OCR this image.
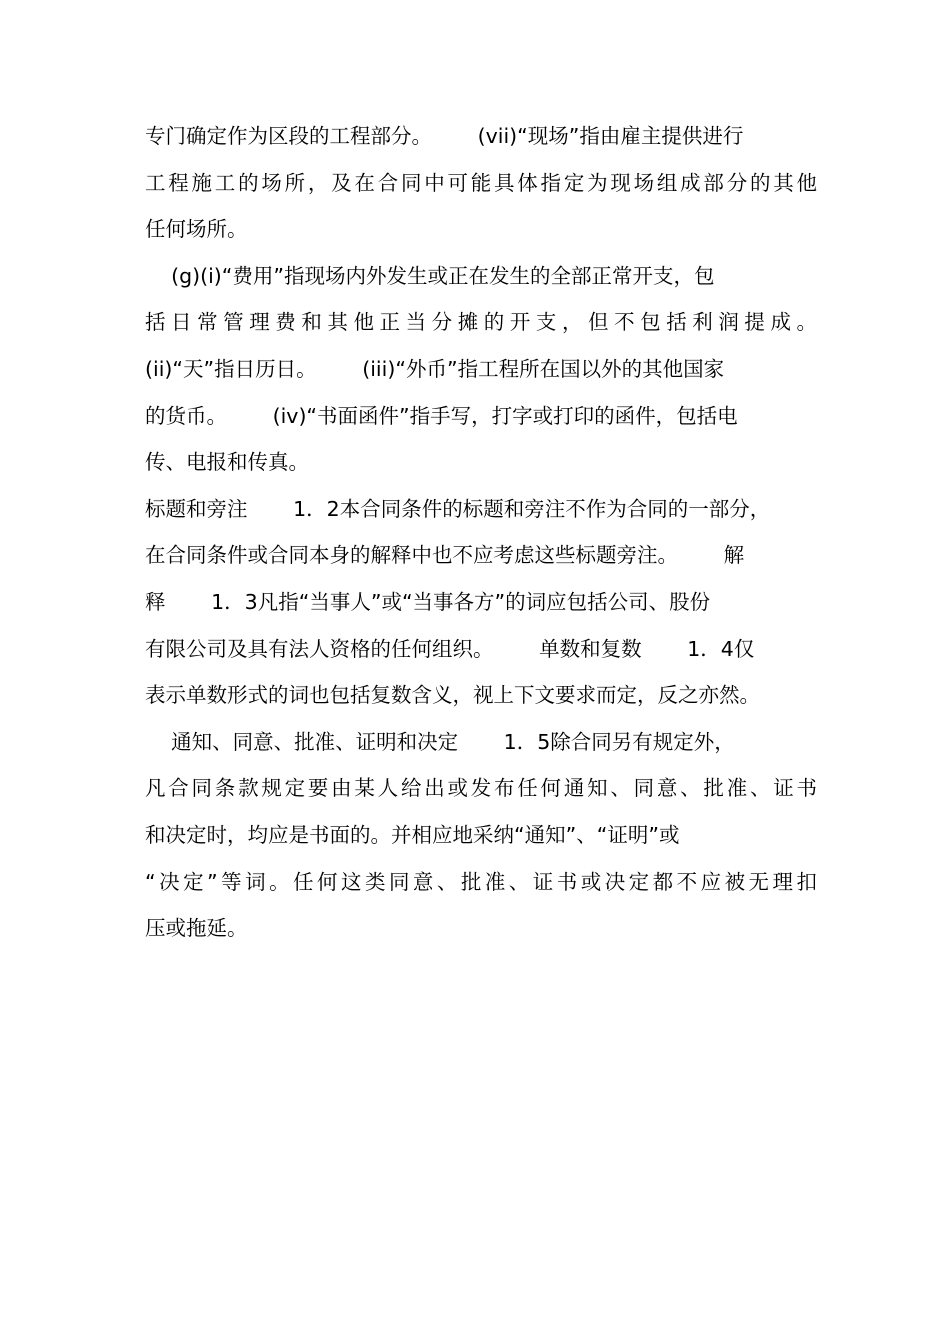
专门确定作为区段的工程部分。       (vii)“现场”指由雇主提供进行
工程施工的场所，及在合同中可能具体指定为现场组成部分的其他
任何场所。
(g)(i)“费用”指现场内外发生或正在发生的全部正常开支，包
括日常管理费和其他正当分摊的开支，但不包括利润提成。
(ii)“天”指日历日。       (iii)“外币”指工程所在国以外的其他国家
的货币。       (iv)“书面函件”指手写，打字或打印的函件，包括电
传、电报和传真。
标题和旁注       1．2本合同条件的标题和旁注不作为合同的一部分，
在合同条件或合同本身的解释中也不应考虑这些标题旁注。       解
释       1．3凡指“当事人”或“当事各方”的词应包括公司、股份
有限公司及具有法人资格的任何组织。       单数和复数       1．4仅
表示单数形式的词也包括复数含义，视上下文要求而定，反之亦然。
通知、同意、批准、证明和决定       1．5除合同另有规定外，
凡合同条款规定要由某人给出或发布任何通知、同意、批准、证书
和决定时，均应是书面的。并相应地采纳“通知”、“证明”或
“决定”等词。任何这类同意、批准、证书或决定都不应被无理扣
压或拖延。
